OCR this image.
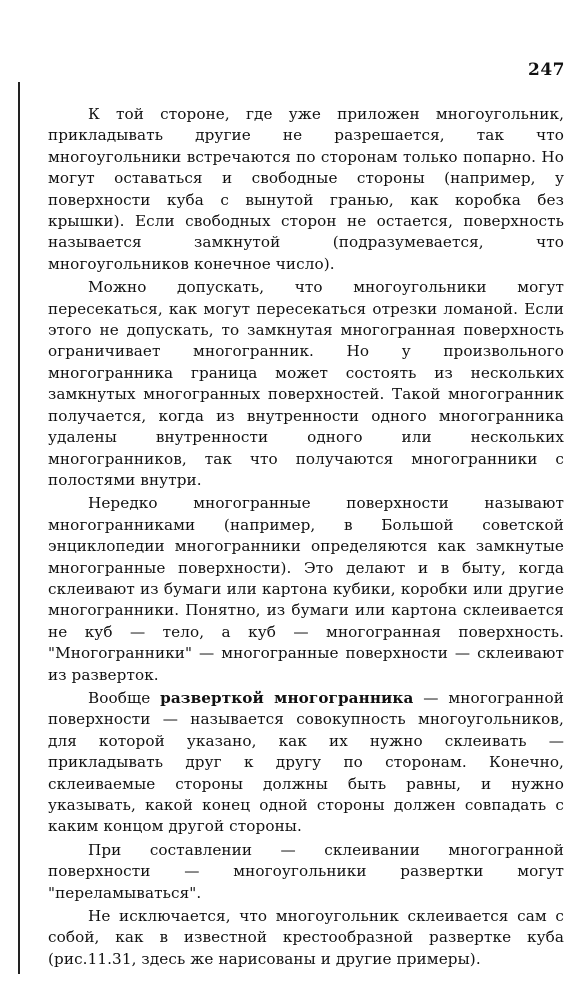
247

К той стороне, где уже приложен многоугольник, прикладывать другие не разрешается, так что многоугольники встречаются по сторонам только попарно. Но могут оставаться и свободные стороны (например, у поверхности куба с вынутой гранью, как коробка без крышки). Если свободных сторон не остается, поверхность называется замкнутой (подразумевается, что многоугольников конечное число).

Можно допускать, что многоугольники могут пересекаться, как могут пересекаться отрезки ломаной. Если этого не допускать, то замкнутая многогранная поверхность ограничивает многогранник. Но у произвольного многогранника граница может состоять из нескольких замкнутых многогранных поверхностей. Такой многогранник получается, когда из внутренности одного многогранника удалены внутренности одного или нескольких многогранников, так что получаются многогранники с полостями внутри.

Нередко многогранные поверхности называют многогранниками (например, в Большой советской энциклопедии многогранники определяются как замкнутые многогранные поверхности). Это делают и в быту, когда склеивают из бумаги или картона кубики, коробки или другие многогранники. Понятно, из бумаги или картона склеивается не куб — тело, а куб — многогранная поверхность. "Многогранники" — многогранные поверхности — склеивают из разверток.

Вообще разверткой многогранника — многогранной поверхности — называется совокупность многоугольников, для которой указано, как их нужно склеивать — прикладывать друг к другу по сторонам. Конечно, склеиваемые стороны должны быть равны, и нужно указывать, какой конец одной стороны должен совпадать с каким концом другой стороны.

При составлении — склеивании многогранной поверхности — многоугольники развертки могут "переламываться".

Не исключается, что многоугольник склеивается сам с собой, как в известной крестообразной развертке куба (рис.11.31, здесь же нарисованы и другие примеры).
